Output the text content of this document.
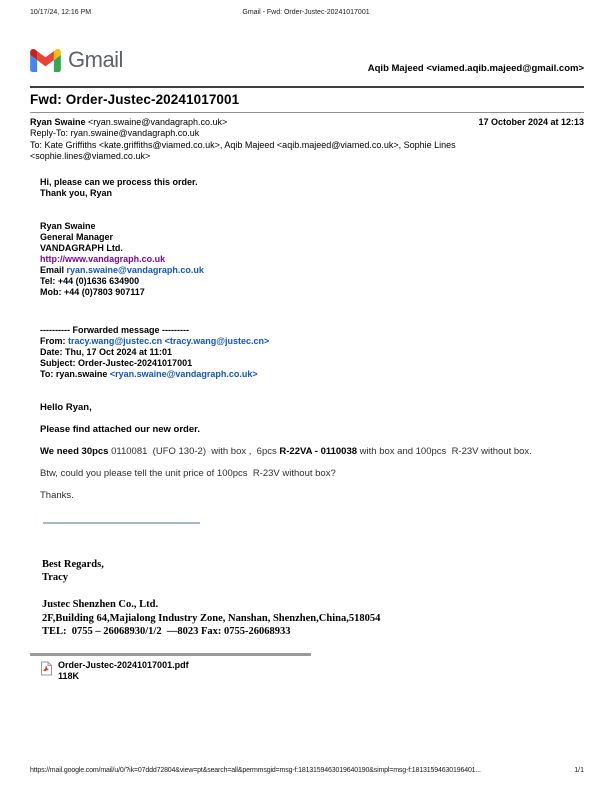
10/17/24, 12:16 PM	Gmail - Fwd: Order-Justec-20241017001
Gmail	Aqib Majeed <viamed.aqib.majeed@gmail.com>
Fwd: Order-Justec-20241017001
Ryan Swaine <ryan.swaine@vandagraph.co.uk>	17 October 2024 at 12:13
Reply-To: ryan.swaine@vandagraph.co.uk
To: Kate Griffiths <kate.griffiths@viamed.co.uk>, Aqib Majeed <aqib.majeed@viamed.co.uk>, Sophie Lines
<sophie.lines@viamed.co.uk>
Hi, please can we process this order.
Thank you, Ryan
Ryan Swaine
General Manager
VANDAGRAPH Ltd.
http://www.vandagraph.co.uk
Email ryan.swaine@vandagraph.co.uk
Tel: +44 (0)1636 634900
Mob: +44 (0)7803 907117
---------- Forwarded message ---------
From: tracy.wang@justec.cn <tracy.wang@justec.cn>
Date: Thu, 17 Oct 2024 at 11:01
Subject: Order-Justec-20241017001
To: ryan.swaine <ryan.swaine@vandagraph.co.uk>

Hello Ryan,

Please find attached our new order.

We need 30pcs 0110081  (UFO 130-2)  with box ,  6pcs R-22VA - 0110038 with box and 100pcs  R-23V without box.

Btw, could you please tell the unit price of 100pcs  R-23V without box?

Thanks.

Best Regards,
Tracy
Justec Shenzhen Co., Ltd.
2F,Building 64,Majialong Industry Zone, Nanshan, Shenzhen,China,518054
TEL:  0755 – 26068930/1/2  —8023 Fax: 0755-26068933
Order-Justec-20241017001.pdf
118K
https://mail.google.com/mail/u/0/?ik=07ddd72804&view=pt&search=all&permmsgid=msg-f:1813159463019640190&simpl=msg-f:18131594630196401...	1/1
